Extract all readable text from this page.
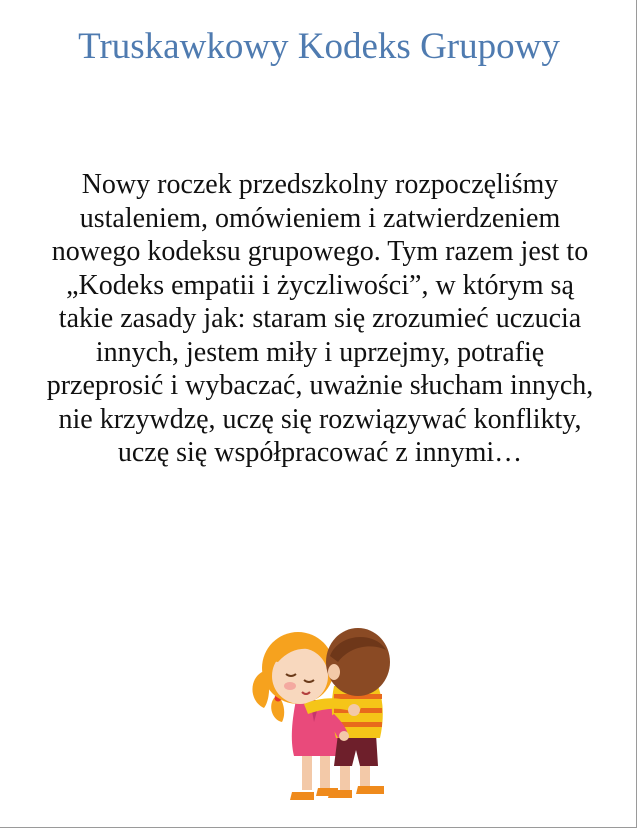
Truskawkowy Kodeks Grupowy

Nowy roczek przedszkolny rozpoczęliśmy ustaleniem, omówieniem i zatwierdzeniem nowego kodeksu grupowego. Tym razem jest to „Kodeks empatii i życzliwości”, w którym są takie zasady jak: staram się zrozumieć uczucia innych, jestem miły i uprzejmy, potrafię przeprosić i wybaczać, uważnie słucham innych, nie krzywdzę, uczę się rozwiązywać konflikty, uczę się współpracować z innymi…
